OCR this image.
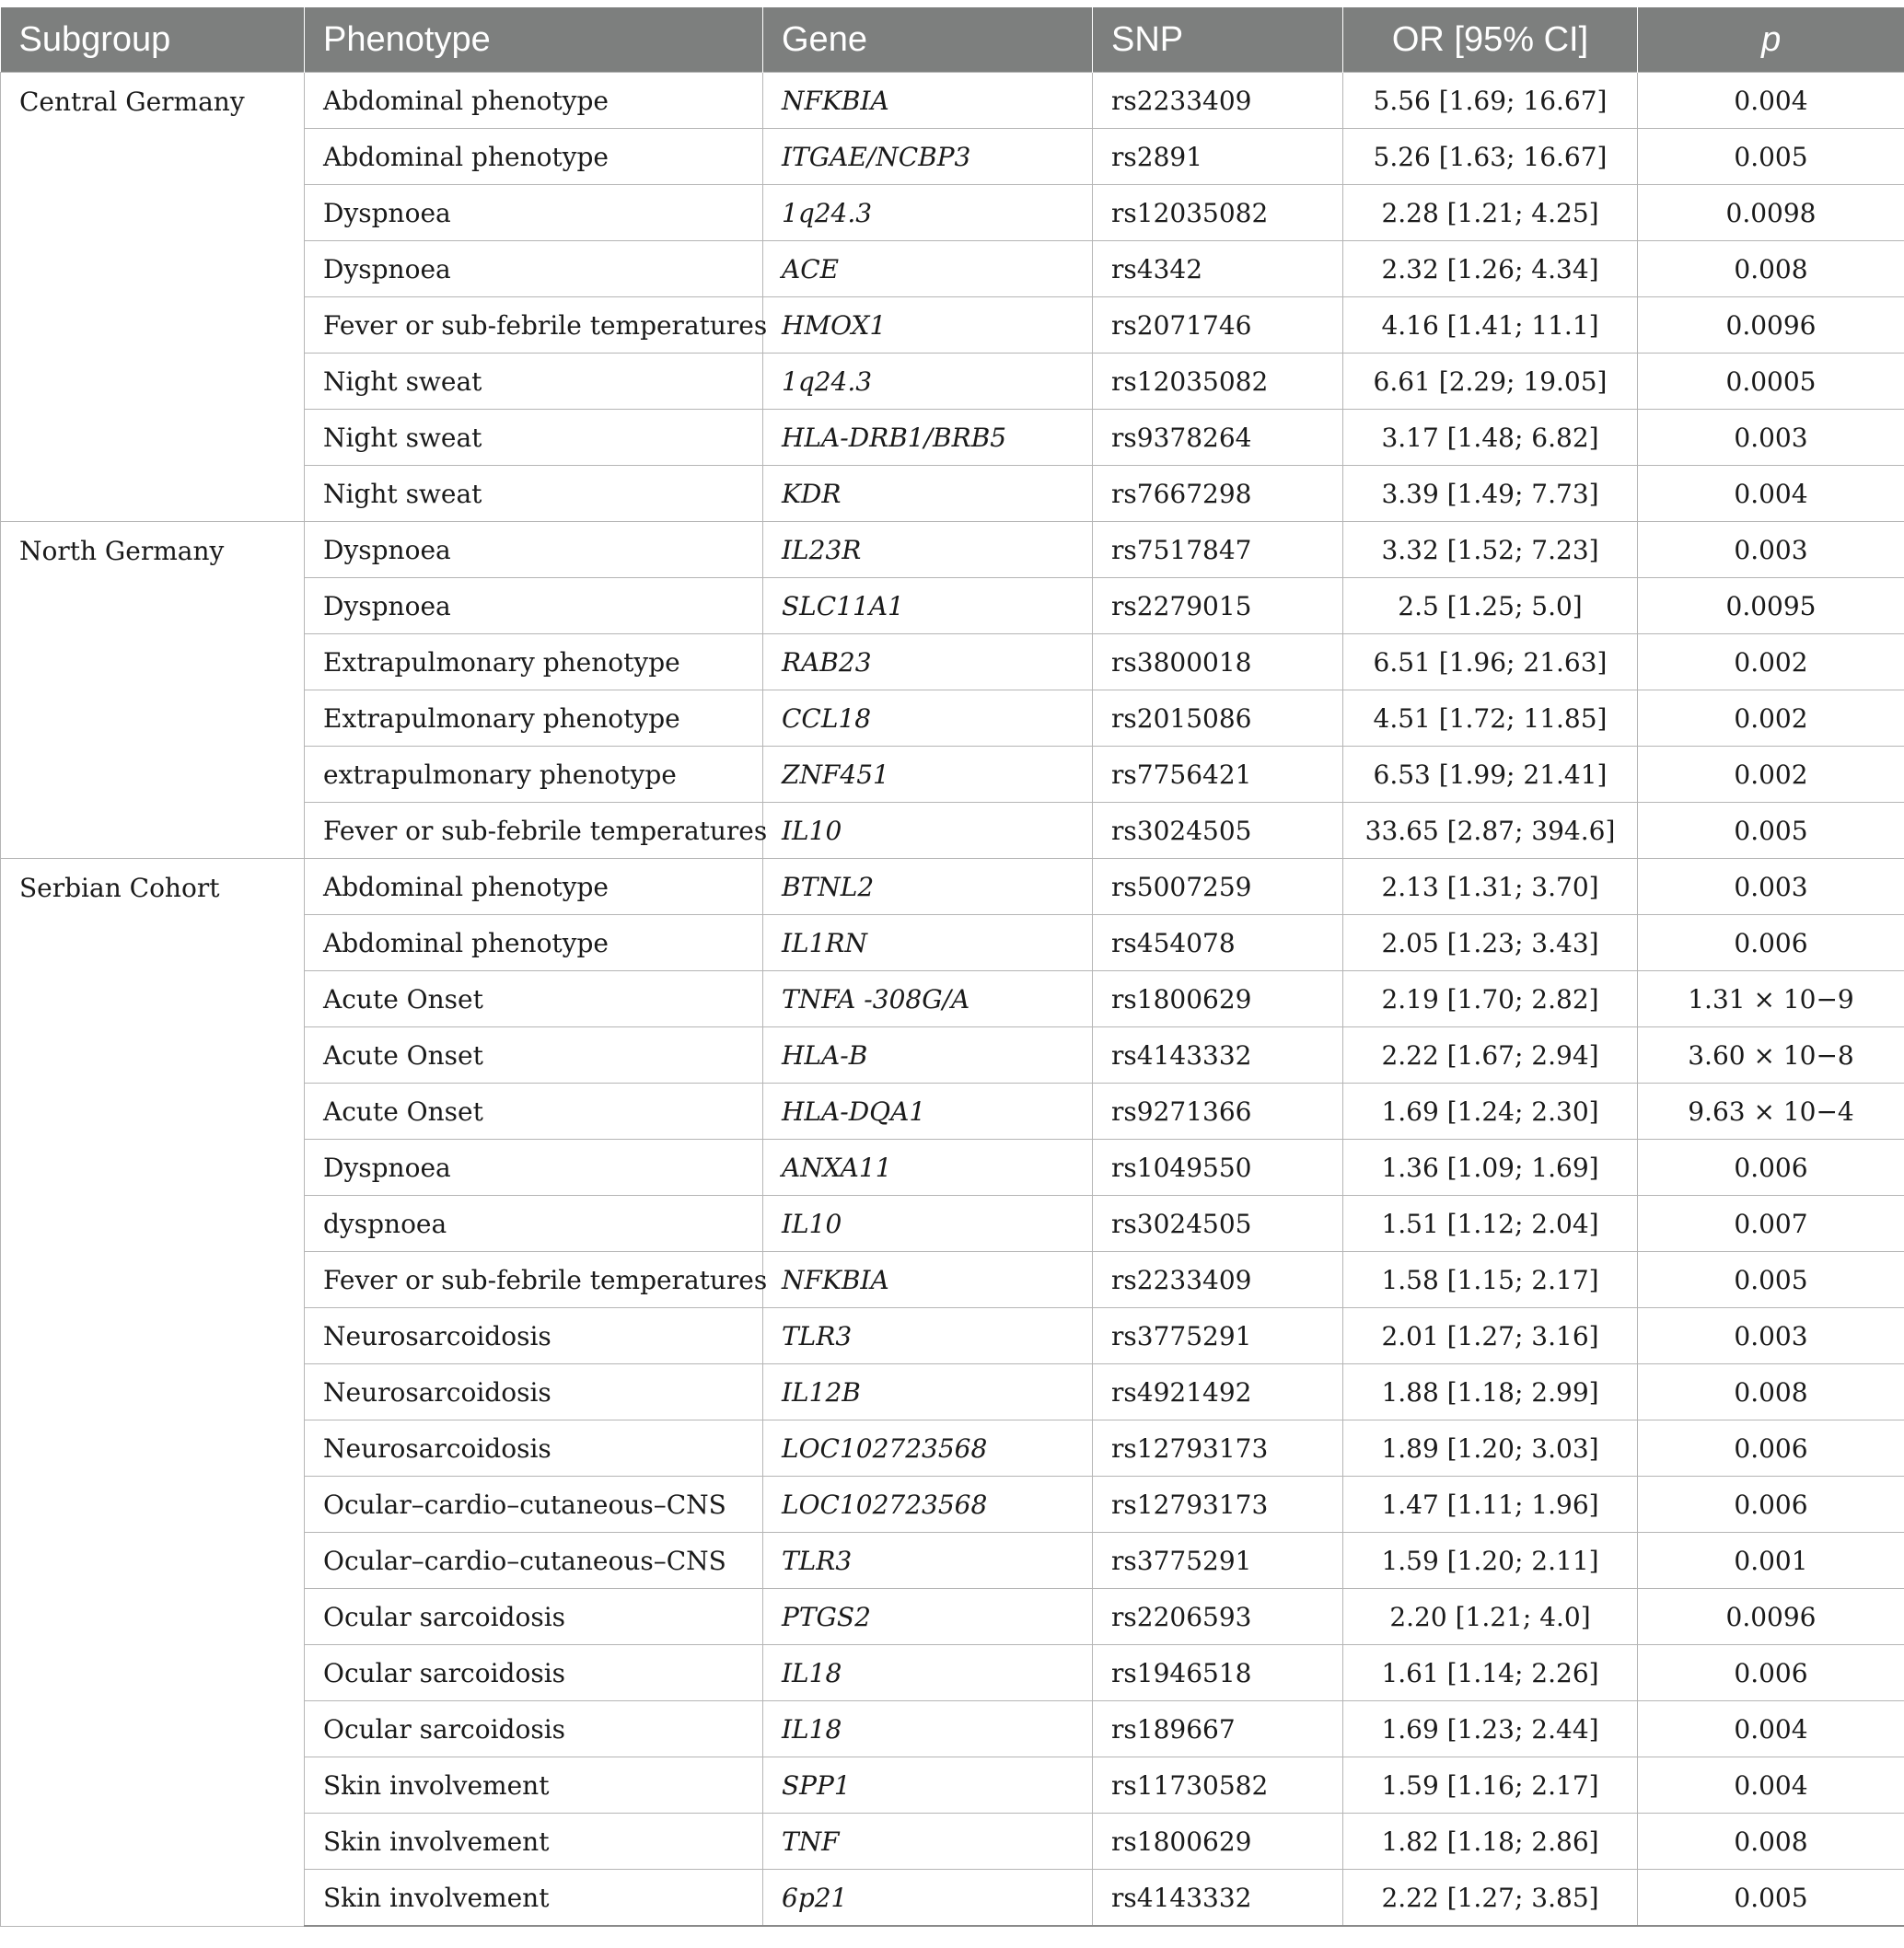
Subgroup	Phenotype	Gene	SNP	OR [95% CI]	p
Central Germany	Abdominal phenotype	NFKBIA	rs2233409	5.56 [1.69; 16.67]	0.004
	Abdominal phenotype	ITGAE/NCBP3	rs2891	5.26 [1.63; 16.67]	0.005
	Dyspnoea	1q24.3	rs12035082	2.28 [1.21; 4.25]	0.0098
	Dyspnoea	ACE	rs4342	2.32 [1.26; 4.34]	0.008
	Fever or sub-febrile temperatures	HMOX1	rs2071746	4.16 [1.41; 11.1]	0.0096
	Night sweat	1q24.3	rs12035082	6.61 [2.29; 19.05]	0.0005
	Night sweat	HLA-DRB1/BRB5	rs9378264	3.17 [1.48; 6.82]	0.003
	Night sweat	KDR	rs7667298	3.39 [1.49; 7.73]	0.004
North Germany	Dyspnoea	IL23R	rs7517847	3.32 [1.52; 7.23]	0.003
	Dyspnoea	SLC11A1	rs2279015	2.5 [1.25; 5.0]	0.0095
	Extrapulmonary phenotype	RAB23	rs3800018	6.51 [1.96; 21.63]	0.002
	Extrapulmonary phenotype	CCL18	rs2015086	4.51 [1.72; 11.85]	0.002
	extrapulmonary phenotype	ZNF451	rs7756421	6.53 [1.99; 21.41]	0.002
	Fever or sub-febrile temperatures	IL10	rs3024505	33.65 [2.87; 394.6]	0.005
Serbian Cohort	Abdominal phenotype	BTNL2	rs5007259	2.13 [1.31; 3.70]	0.003
	Abdominal phenotype	IL1RN	rs454078	2.05 [1.23; 3.43]	0.006
	Acute Onset	TNFA -308G/A	rs1800629	2.19 [1.70; 2.82]	1.31 × 10−9
	Acute Onset	HLA-B	rs4143332	2.22 [1.67; 2.94]	3.60 × 10−8
	Acute Onset	HLA-DQA1	rs9271366	1.69 [1.24; 2.30]	9.63 × 10−4
	Dyspnoea	ANXA11	rs1049550	1.36 [1.09; 1.69]	0.006
	dyspnoea	IL10	rs3024505	1.51 [1.12; 2.04]	0.007
	Fever or sub-febrile temperatures	NFKBIA	rs2233409	1.58 [1.15; 2.17]	0.005
	Neurosarcoidosis	TLR3	rs3775291	2.01 [1.27; 3.16]	0.003
	Neurosarcoidosis	IL12B	rs4921492	1.88 [1.18; 2.99]	0.008
	Neurosarcoidosis	LOC102723568	rs12793173	1.89 [1.20; 3.03]	0.006
	Ocular–cardio–cutaneous–CNS	LOC102723568	rs12793173	1.47 [1.11; 1.96]	0.006
	Ocular–cardio–cutaneous–CNS	TLR3	rs3775291	1.59 [1.20; 2.11]	0.001
	Ocular sarcoidosis	PTGS2	rs2206593	2.20 [1.21; 4.0]	0.0096
	Ocular sarcoidosis	IL18	rs1946518	1.61 [1.14; 2.26]	0.006
	Ocular sarcoidosis	IL18	rs189667	1.69 [1.23; 2.44]	0.004
	Skin involvement	SPP1	rs11730582	1.59 [1.16; 2.17]	0.004
	Skin involvement	TNF	rs1800629	1.82 [1.18; 2.86]	0.008
	Skin involvement	6p21	rs4143332	2.22 [1.27; 3.85]	0.005
